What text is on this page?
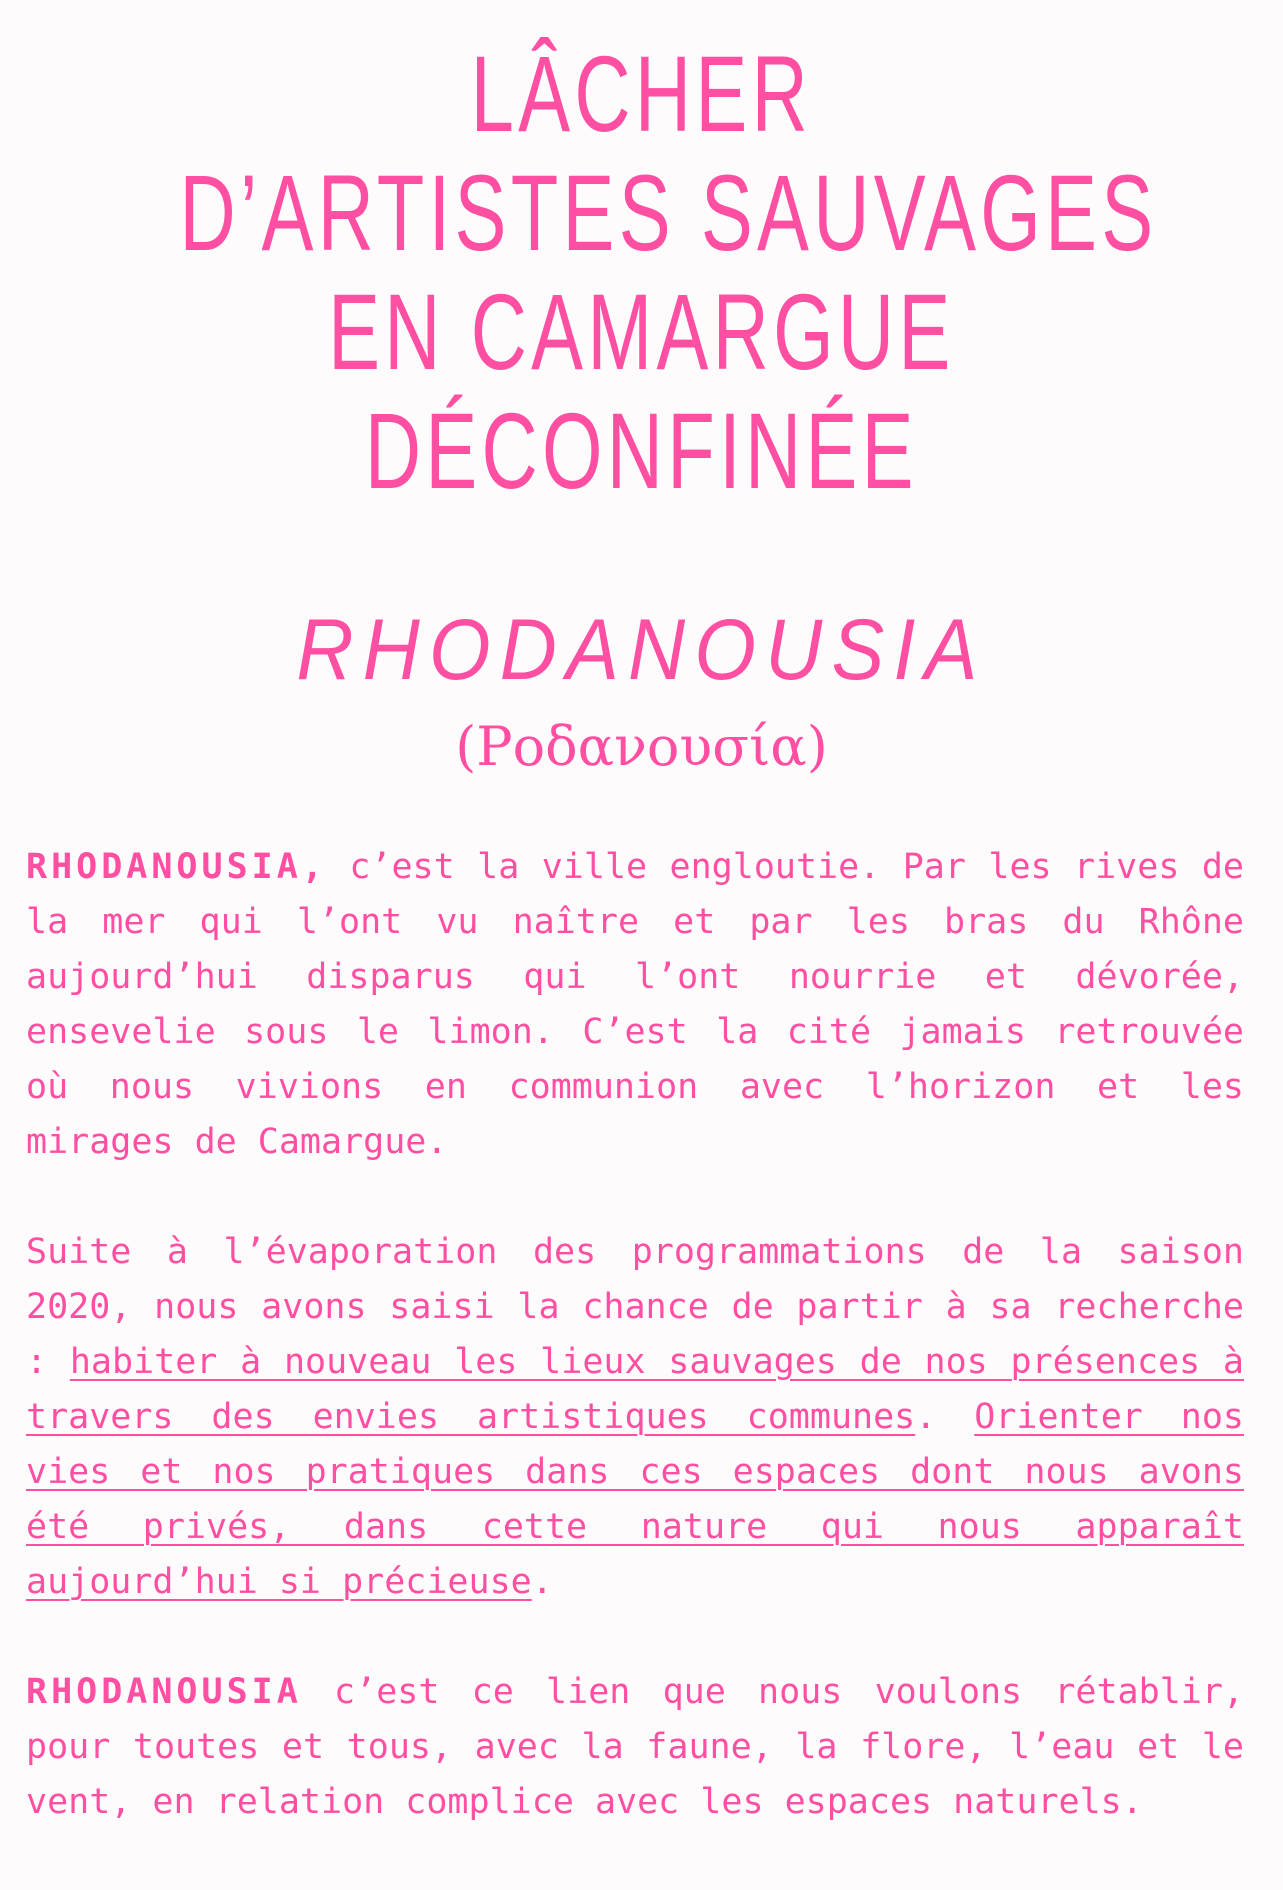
LÂCHER
D’ARTISTES SAUVAGES
EN CAMARGUE
DÉCONFINÉE
RHODANOUSIA
(Ροδανουσία)

RHODANOUSIA, c’est la ville engloutie. Par les rives de la mer qui l’ont vu naître et par les bras du Rhône aujourd’hui disparus qui l’ont nourrie et dévorée, ensevelie sous le limon. C’est la cité jamais retrouvée où nous vivions en communion avec l’horizon et les mirages de Camargue.

Suite à l’évaporation des programmations de la saison 2020, nous avons saisi la chance de partir à sa recherche : habiter à nouveau les lieux sauvages de nos présences à travers des envies artistiques communes. Orienter nos vies et nos pratiques dans ces espaces dont nous avons été privés, dans cette nature qui nous apparaît aujourd’hui si précieuse.

RHODANOUSIA c’est ce lien que nous voulons rétablir, pour toutes et tous, avec la faune, la flore, l’eau et le vent, en relation complice avec les espaces naturels.
